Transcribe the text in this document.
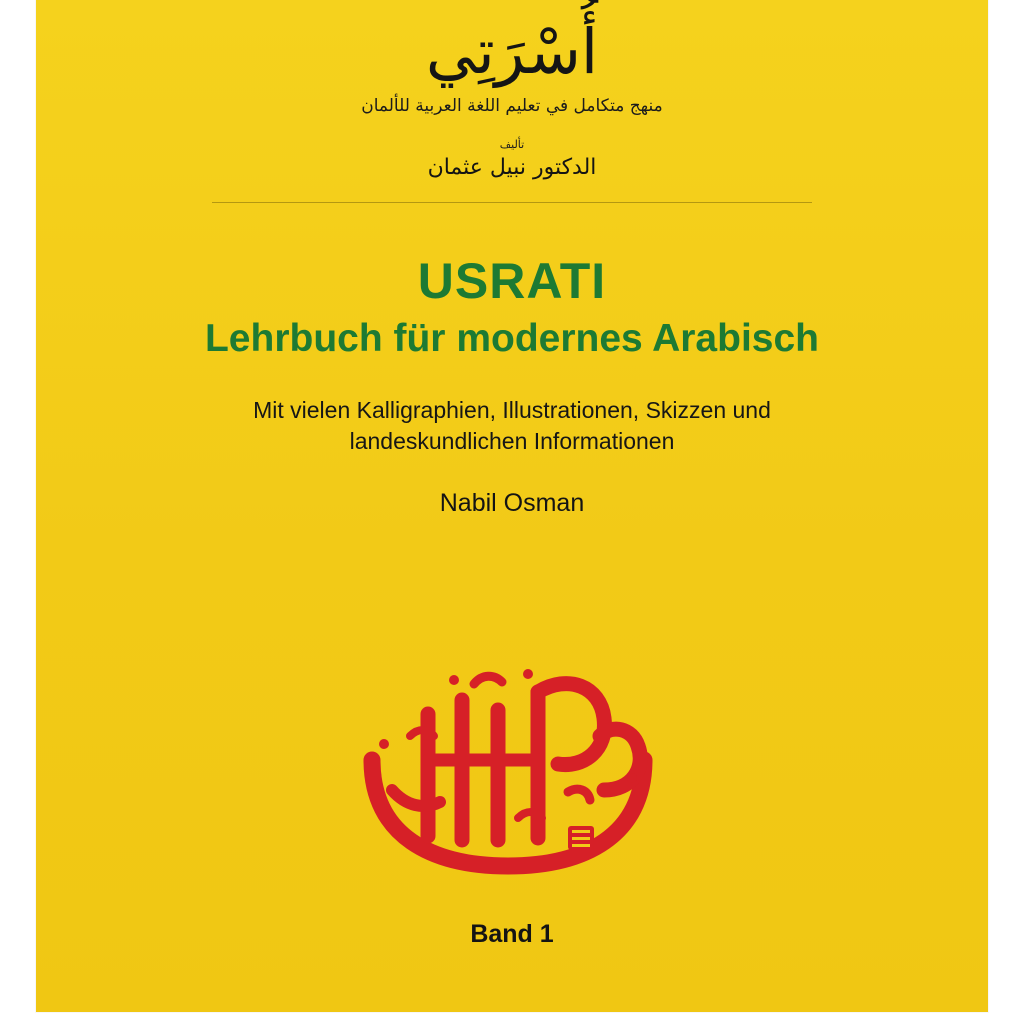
أُسْرَتِي
منهج متكامل في تعليم اللغة العربية للألمان
تأليف
الدكتور نبيل عثمان
USRATI
Lehrbuch für modernes Arabisch
Mit vielen Kalligraphien, Illustrationen, Skizzen und
landeskundlichen Informationen
Nabil Osman
Band 1
